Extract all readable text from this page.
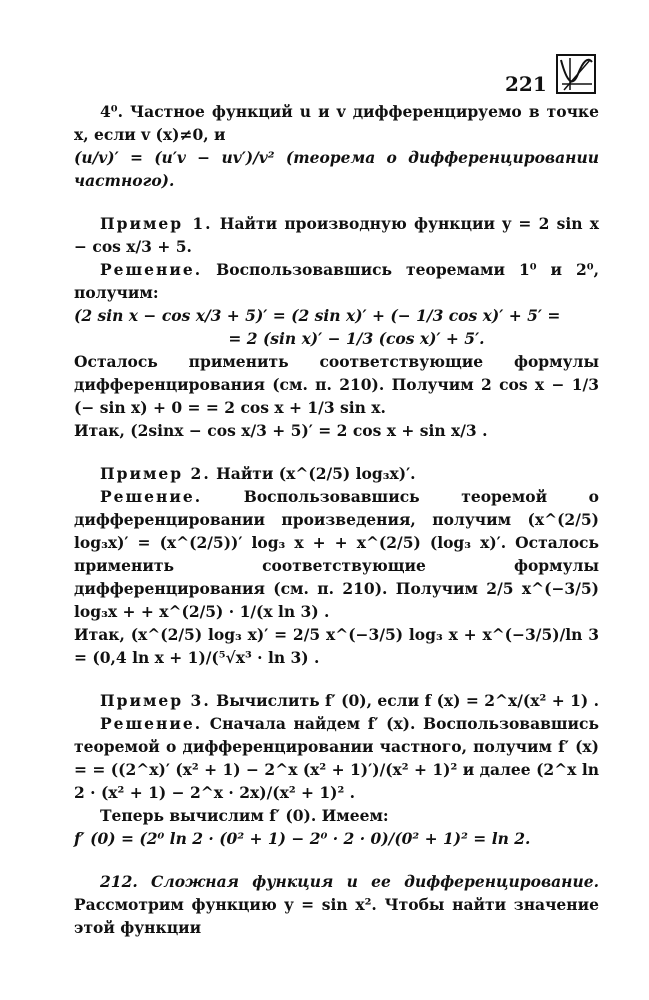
221

4⁰. Частное функций u и v дифференцируемо в точке x, если v (x)≠0, и

(u/v)′ = (u′v − uv′)/v² (теорема о дифференцировании частного).

Пример 1. Найти производную функции y = 2 sin x − cos x/3 + 5.

Решение. Воспользовавшись теоремами 1⁰ и 2⁰, получим:

(2 sin x − cos x/3 + 5)′ = (2 sin x)′ + (− 1/3 cos x)′ + 5′ =

= 2 (sin x)′ − 1/3 (cos x)′ + 5′.

Осталось применить соответствующие формулы дифференцирования (см. п. 210). Получим 2 cos x − 1/3 (− sin x) + 0 = = 2 cos x + 1/3 sin x.

Итак, (2sinx − cos x/3 + 5)′ = 2 cos x + sin x/3 .

Пример 2. Найти (x^(2/5) log₃x)′.

Решение.	Воспользовавшись теоремой о дифференцировании произведения, получим (x^(2/5) log₃x)′ = (x^(2/5))′ log₃ x + + x^(2/5) (log₃ x)′. Осталось применить соответствующие формулы дифференцирования (см. п. 210). Получим 2/5 x^(−3/5) log₃x + + x^(2/5) · 1/(x ln 3) .

Итак, (x^(2/5) log₃ x)′ = 2/5 x^(−3/5) log₃ x + x^(−3/5)/ln 3 = (0,4 ln x + 1)/(⁵√x³ · ln 3) .

Пример 3. Вычислить f′ (0), если f (x) = 2^x/(x² + 1) .

Решение. Сначала найдем f′ (x). Воспользовавшись теоремой о дифференцировании частного, получим f′ (x) = = ((2^x)′ (x² + 1) − 2^x (x² + 1)′)/(x² + 1)² и далее (2^x ln 2 · (x² + 1) − 2^x · 2x)/(x² + 1)² .

Теперь вычислим f′ (0). Имеем:

f′ (0) = (2⁰ ln 2 · (0² + 1) − 2⁰ · 2 · 0)/(0² + 1)² = ln 2.

212. Сложная функция и ее дифференцирование. Рассмотрим функцию y = sin x². Чтобы найти значение этой функции
